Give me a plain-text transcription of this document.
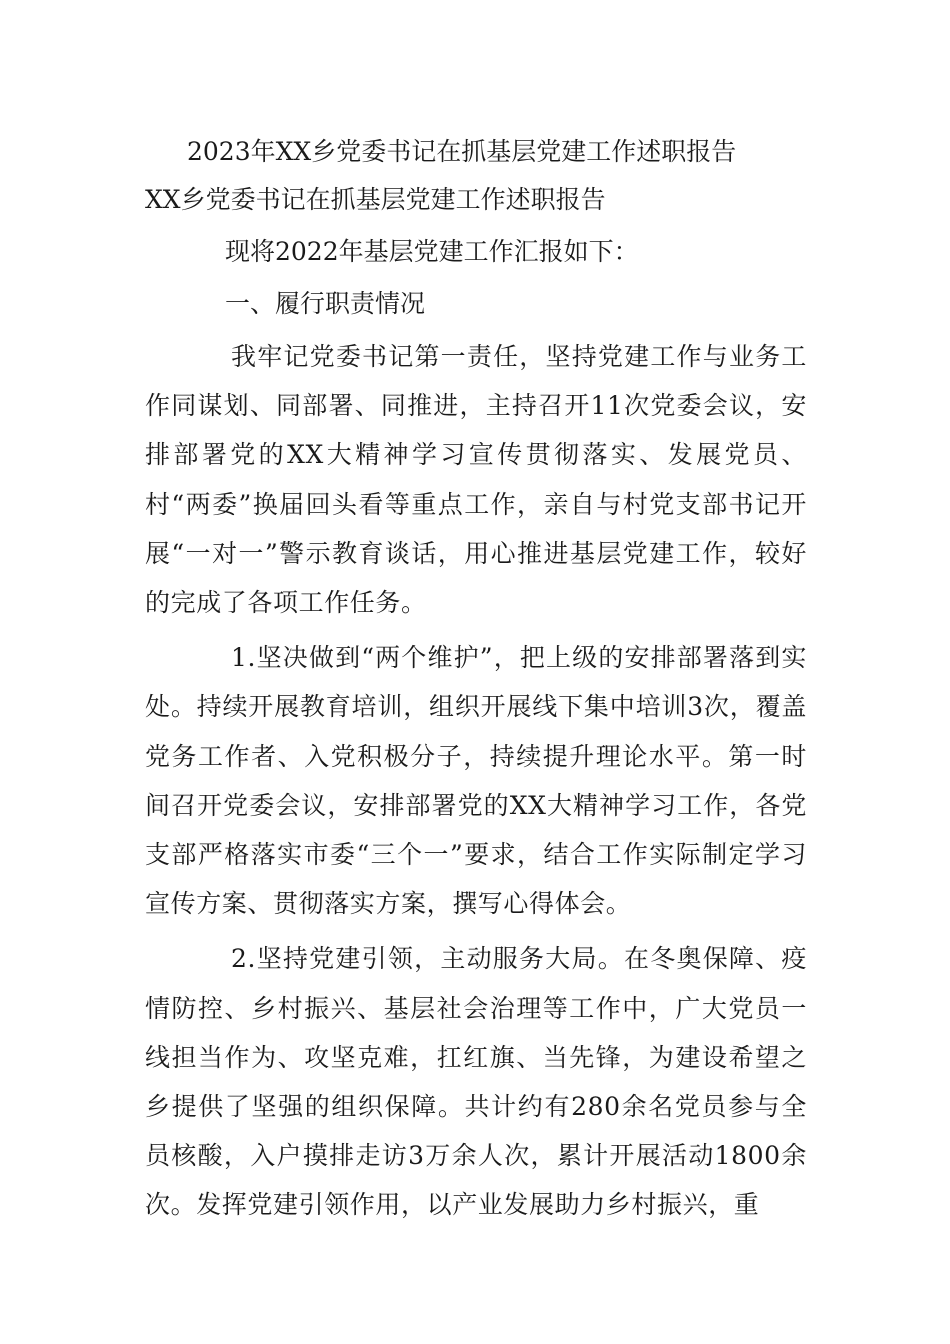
2023年XX乡党委书记在抓基层党建工作述职报告
XX乡党委书记在抓基层党建工作述职报告

现将2022年基层党建工作汇报如下：

一、履行职责情况

我牢记党委书记第一责任，坚持党建工作与业务工作同谋划、同部署、同推进，主持召开11次党委会议，安排部署党的XX大精神学习宣传贯彻落实、发展党员、村“两委”换届回头看等重点工作，亲自与村党支部书记开展“一对一”警示教育谈话，用心推进基层党建工作，较好的完成了各项工作任务。

1.坚决做到“两个维护”，把上级的安排部署落到实处。持续开展教育培训，组织开展线下集中培训3次，覆盖党务工作者、入党积极分子，持续提升理论水平。第一时间召开党委会议，安排部署党的XX大精神学习工作，各党支部严格落实市委“三个一”要求，结合工作实际制定学习宣传方案、贯彻落实方案，撰写心得体会。

2.坚持党建引领，主动服务大局。在冬奥保障、疫情防控、乡村振兴、基层社会治理等工作中，广大党员一线担当作为、攻坚克难，扛红旗、当先锋，为建设希望之乡提供了坚强的组织保障。共计约有280余名党员参与全员核酸，入户摸排走访3万余人次，累计开展活动1800余次。发挥党建引领作用，以产业发展助力乡村振兴，重
